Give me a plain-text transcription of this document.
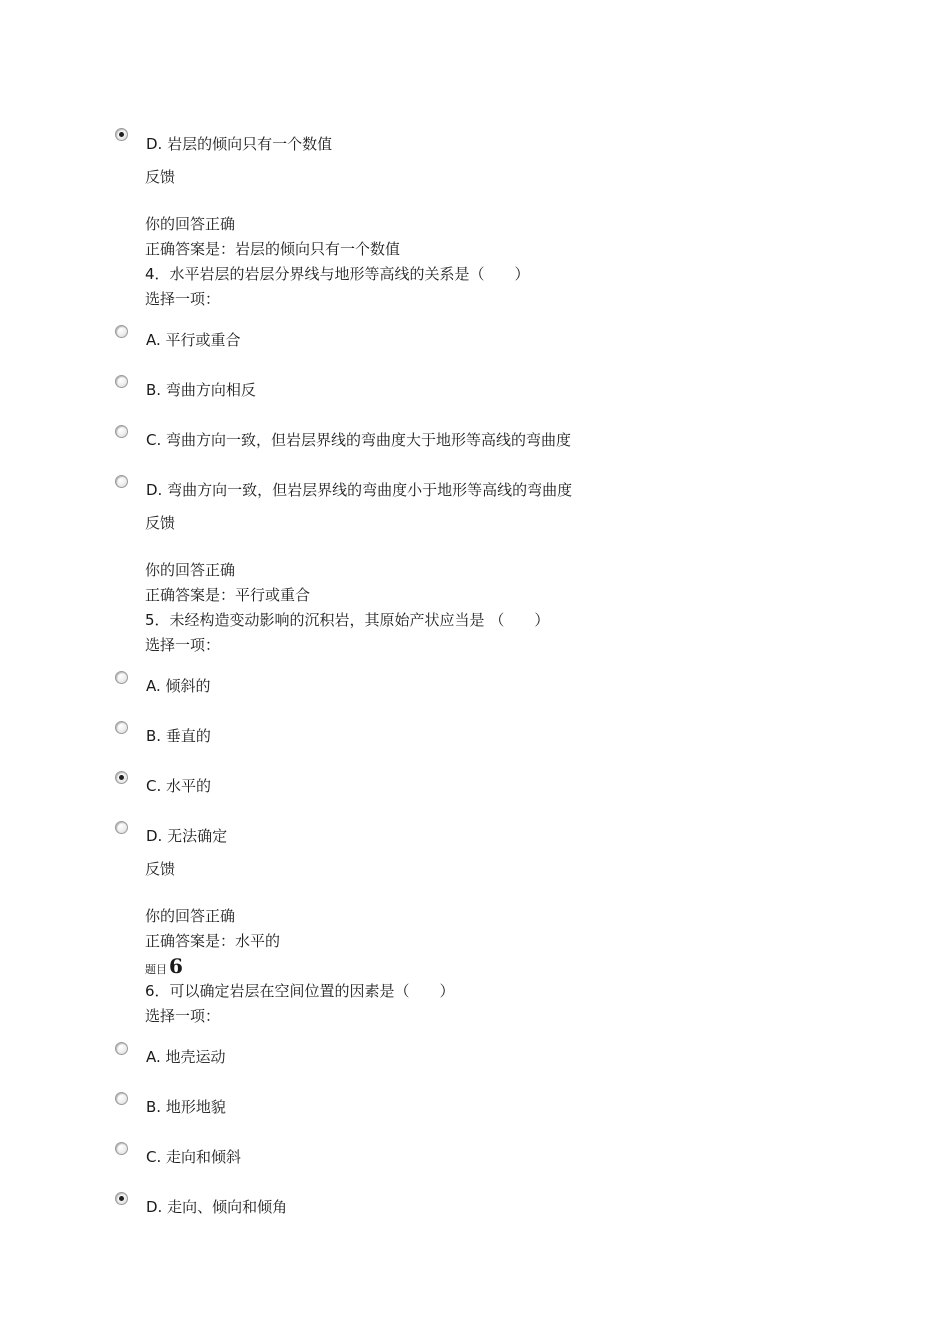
D. 岩层的倾向只有一个数值
反馈
你的回答正确
正确答案是：岩层的倾向只有一个数值
4．水平岩层的岩层分界线与地形等高线的关系是（　　）
选择一项：
A. 平行或重合
B. 弯曲方向相反
C. 弯曲方向一致，但岩层界线的弯曲度大于地形等高线的弯曲度
D. 弯曲方向一致，但岩层界线的弯曲度小于地形等高线的弯曲度
反馈
你的回答正确
正确答案是：平行或重合
5．未经构造变动影响的沉积岩，其原始产状应当是 （　　）
选择一项：
A. 倾斜的
B. 垂直的
C. 水平的
D. 无法确定
反馈
你的回答正确
正确答案是：水平的
题目 6
6．可以确定岩层在空间位置的因素是（　　）
选择一项：
A. 地壳运动
B. 地形地貌
C. 走向和倾斜
D. 走向、倾向和倾角
